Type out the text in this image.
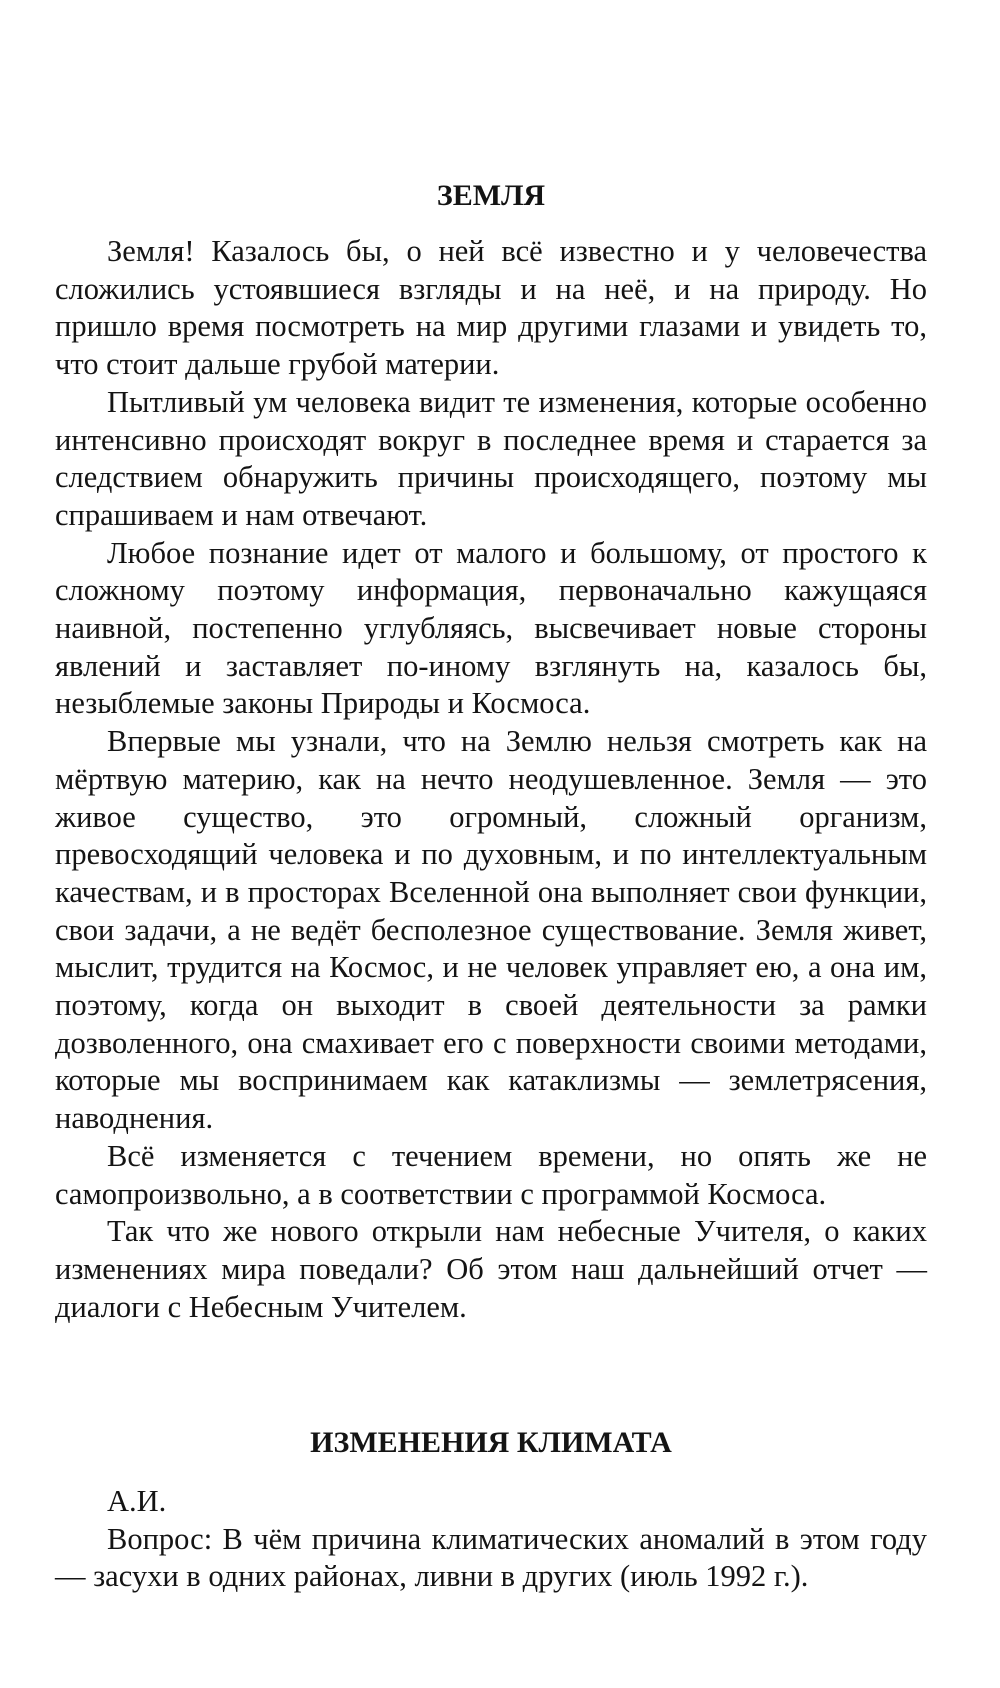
ЗЕМЛЯ

Земля! Казалось бы, о ней всё известно и у человечества сложились устоявшиеся взгляды и на неё, и на природу. Но пришло время посмотреть на мир другими глазами и увидеть то, что стоит дальше грубой материи.

Пытливый ум человека видит те изменения, которые особенно интенсивно происходят вокруг в последнее время и старается за следствием обнаружить причины происходящего, поэтому мы спрашиваем и нам отвечают.

Любое познание идет от малого и большому, от простого к сложному поэтому информация, первоначально кажущаяся наивной, постепенно углубляясь, высвечивает новые стороны явлений и заставляет по-иному взглянуть на, казалось бы, незыблемые законы Природы и Космоса.

Впервые мы узнали, что на Землю нельзя смотреть как на мёртвую материю, как на нечто неодушевленное. Земля — это живое существо, это огромный, сложный организм, превосходящий человека и по духовным, и по интеллектуальным качествам, и в просторах Вселенной она выполняет свои функции, свои задачи, а не ведёт бесполезное существование. Земля живет, мыслит, трудится на Космос, и не человек управляет ею, а она им, поэтому, когда он выходит в своей деятельности за рамки дозволенного, она смахивает его с поверхности своими методами, которые мы воспринимаем как катаклизмы — землетрясения, наводнения.

Всё изменяется с течением времени, но опять же не самопроизвольно, а в соответствии с программой Космоса.

Так что же нового открыли нам небесные Учителя, о каких изменениях мира поведали? Об этом наш дальнейший отчет — диалоги с Небесным Учителем.

ИЗМЕНЕНИЯ КЛИМАТА

А.И.

Вопрос: В чём причина климатических аномалий в этом году — засухи в одних районах, ливни в других (июль 1992 г.).
